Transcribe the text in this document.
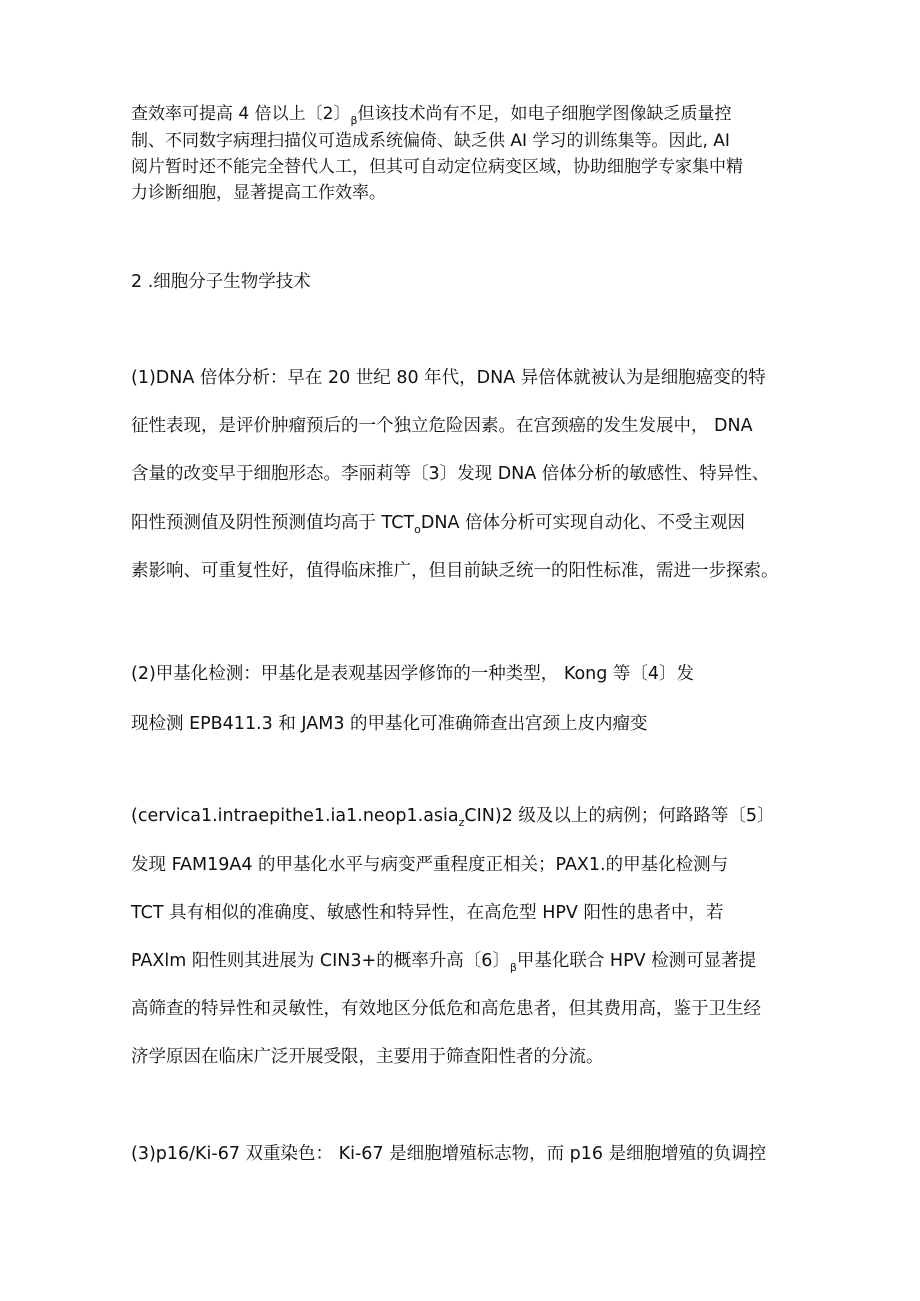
查效率可提高 4 倍以上〔2〕$_\beta$但该技术尚有不足，如电子细胞学图像缺乏质量控
制、不同数字病理扫描仪可造成系统偏倚、缺乏供 AI 学习的训练集等。因此, AI
阅片暂时还不能完全替代人工，但其可自动定位病变区域，协助细胞学专家集中精
力诊断细胞，显著提高工作效率。
2 .细胞分子生物学技术
(1)DNA 倍体分析：早在 20 世纪 80 年代，DNA 异倍体就被认为是细胞癌变的特
征性表现，是评价肿瘤预后的一个独立危险因素。在宫颈癌的发生发展中， DNA
含量的改变早于细胞形态。李丽莉等〔3〕发现 DNA 倍体分析的敏感性、特异性、
阳性预测值及阴性预测值均高于 $TCT_oDNA$ 倍体分析可实现自动化、不受主观因
素影响、可重复性好，值得临床推广，但目前缺乏统一的阳性标准，需进一步探索。
(2)甲基化检测：甲基化是表观基因学修饰的一种类型， Kong 等〔4〕发
现检测 EPB411.3 和 JAM3 的甲基化可准确筛查出宫颈上皮内瘤变
(cervica1.intraepithe1.ia1.neop1.asia$_z$CIN)2 级及以上的病例；何路路等〔5〕
发现 FAM19A4 的甲基化水平与病变严重程度正相关；PAX1.的甲基化检测与
TCT 具有相似的准确度、敏感性和特异性，在高危型 HPV 阳性的患者中，若
PAXlm 阳性则其进展为 CIN3+的概率升高〔6〕$_\beta$甲基化联合 HPV 检测可显著提
高筛查的特异性和灵敏性，有效地区分低危和高危患者，但其费用高，鉴于卫生经
济学原因在临床广泛开展受限，主要用于筛查阳性者的分流。
(3)p16/Ki-67 双重染色： Ki-67 是细胞增殖标志物，而 p16 是细胞增殖的负调控
